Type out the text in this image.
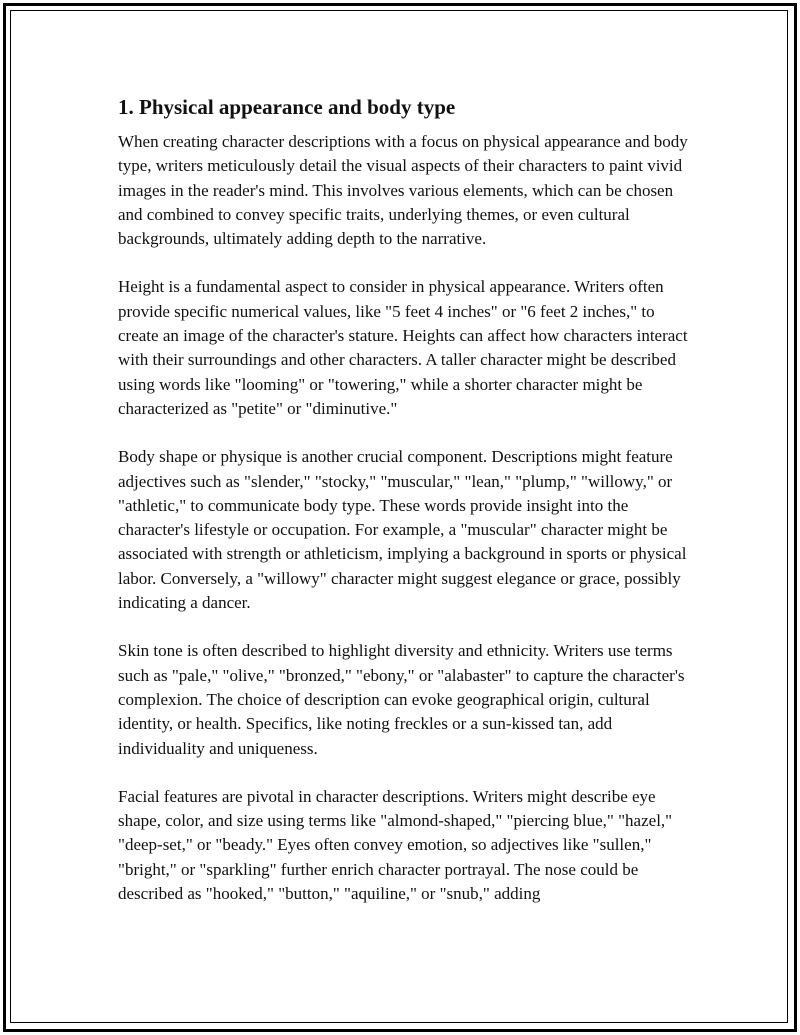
1. Physical appearance and body type

When creating character descriptions with a focus on physical appearance and body type, writers meticulously detail the visual aspects of their characters to paint vivid images in the reader's mind. This involves various elements, which can be chosen and combined to convey specific traits, underlying themes, or even cultural backgrounds, ultimately adding depth to the narrative.

Height is a fundamental aspect to consider in physical appearance. Writers often provide specific numerical values, like "5 feet 4 inches" or "6 feet 2 inches," to create an image of the character's stature. Heights can affect how characters interact with their surroundings and other characters. A taller character might be described using words like "looming" or "towering," while a shorter character might be characterized as "petite" or "diminutive."

Body shape or physique is another crucial component. Descriptions might feature adjectives such as "slender," "stocky," "muscular," "lean," "plump," "willowy," or "athletic," to communicate body type. These words provide insight into the character's lifestyle or occupation. For example, a "muscular" character might be associated with strength or athleticism, implying a background in sports or physical labor. Conversely, a "willowy" character might suggest elegance or grace, possibly indicating a dancer.

Skin tone is often described to highlight diversity and ethnicity. Writers use terms such as "pale," "olive," "bronzed," "ebony," or "alabaster" to capture the character's complexion. The choice of description can evoke geographical origin, cultural identity, or health. Specifics, like noting freckles or a sun-kissed tan, add individuality and uniqueness.

Facial features are pivotal in character descriptions. Writers might describe eye shape, color, and size using terms like "almond-shaped," "piercing blue," "hazel," "deep-set," or "beady." Eyes often convey emotion, so adjectives like "sullen," "bright," or "sparkling" further enrich character portrayal. The nose could be described as "hooked," "button," "aquiline," or "snub," adding
